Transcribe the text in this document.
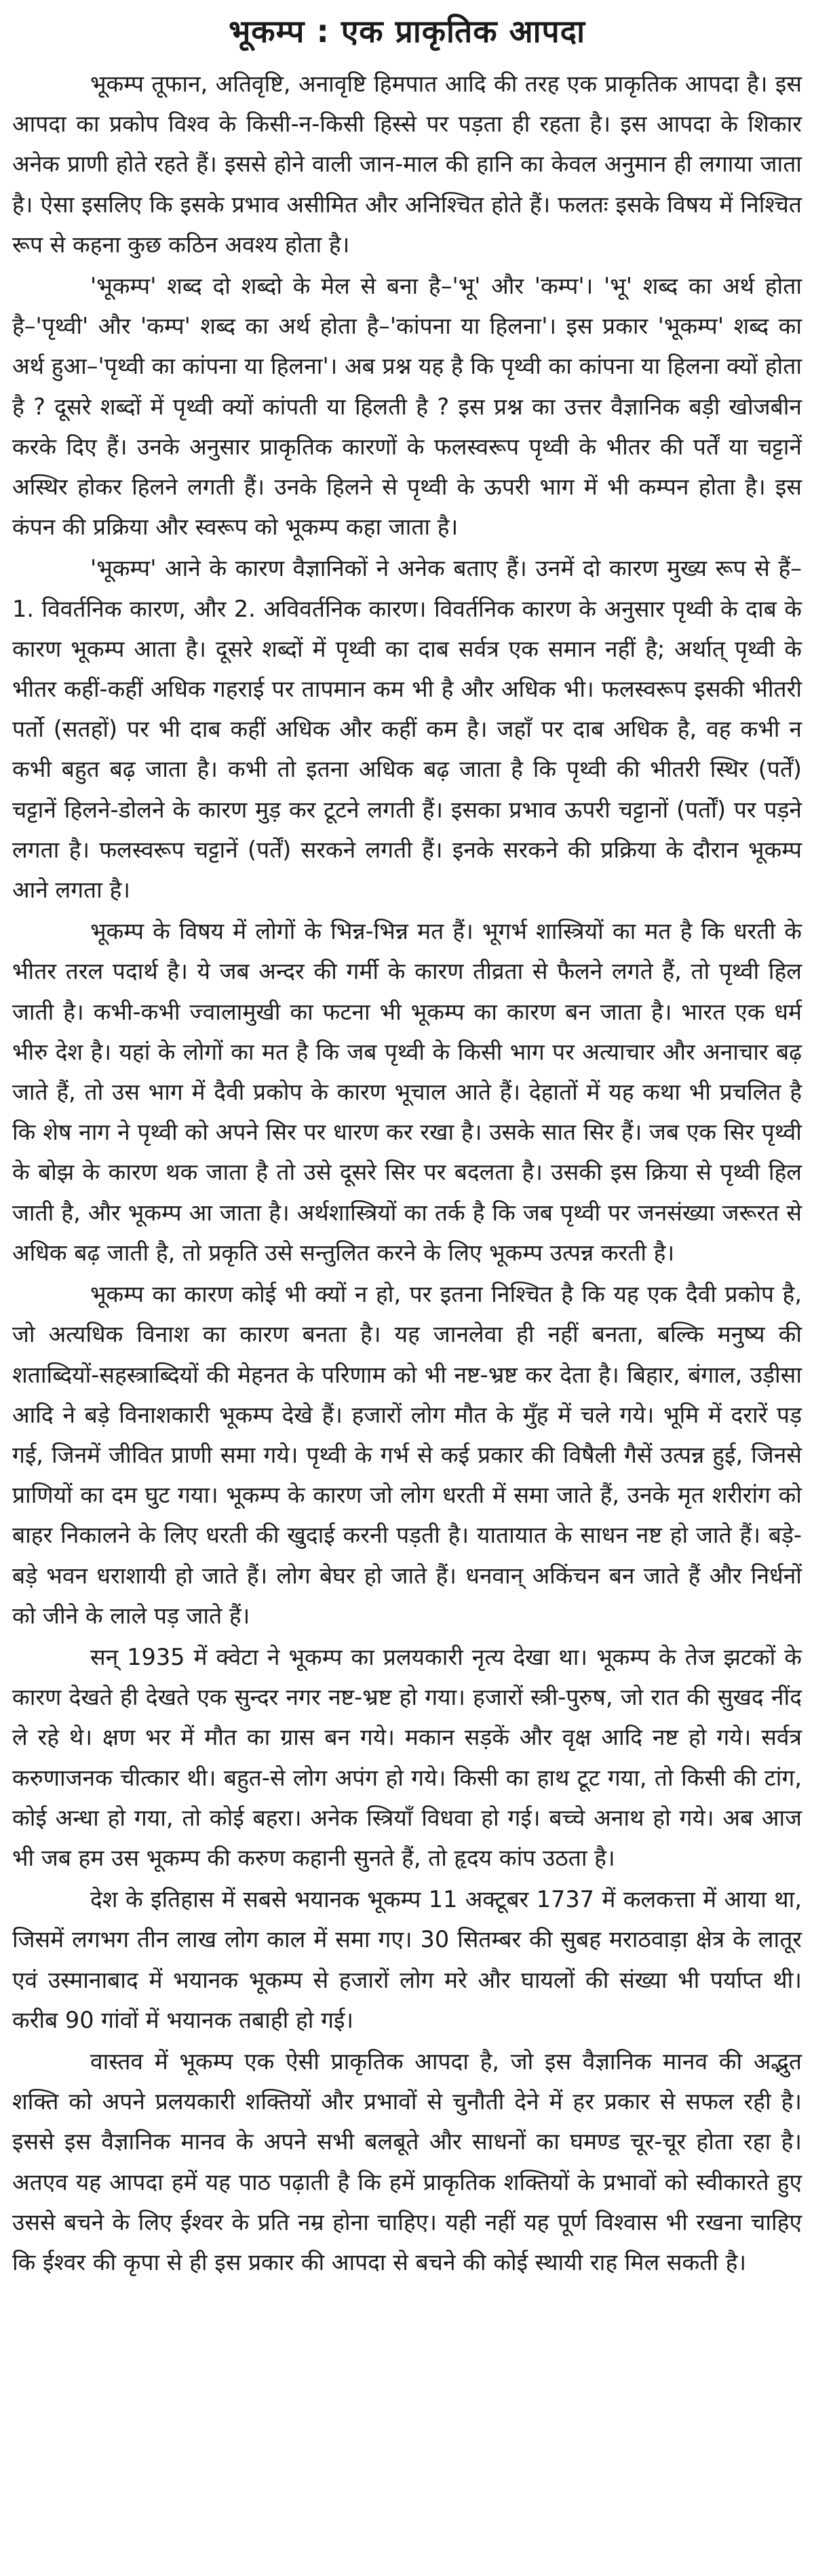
भूकम्प : एक प्राकृतिक आपदा

भूकम्प तूफान, अतिवृष्टि, अनावृष्टि हिमपात आदि की तरह एक प्राकृतिक आपदा है। इस आपदा का प्रकोप विश्व के किसी-न-किसी हिस्से पर पड़ता ही रहता है। इस आपदा के शिकार अनेक प्राणी होते रहते हैं। इससे होने वाली जान-माल की हानि का केवल अनुमान ही लगाया जाता है। ऐसा इसलिए कि इसके प्रभाव असीमित और अनिश्चित होते हैं। फलतः इसके विषय में निश्चित रूप से कहना कुछ कठिन अवश्य होता है।

'भूकम्प' शब्द दो शब्दो के मेल से बना है–'भू' और 'कम्प'। 'भू' शब्द का अर्थ होता है–'पृथ्वी' और 'कम्प' शब्द का अर्थ होता है–'कांपना या हिलना'। इस प्रकार 'भूकम्प' शब्द का अर्थ हुआ–'पृथ्वी का कांपना या हिलना'। अब प्रश्न यह है कि पृथ्वी का कांपना या हिलना क्यों होता है ? दूसरे शब्दों में पृथ्वी क्यों कांपती या हिलती है ? इस प्रश्न का उत्तर वैज्ञानिक बड़ी खोजबीन करके दिए हैं। उनके अनुसार प्राकृतिक कारणों के फलस्वरूप पृथ्वी के भीतर की पर्तें या चट्टानें अस्थिर होकर हिलने लगती हैं। उनके हिलने से पृथ्वी के ऊपरी भाग में भी कम्पन होता है। इस कंपन की प्रक्रिया और स्वरूप को भूकम्प कहा जाता है।

'भूकम्प' आने के कारण वैज्ञानिकों ने अनेक बताए हैं। उनमें दो कारण मुख्य रूप से हैं–1. विवर्तनिक कारण, और 2. अविवर्तनिक कारण। विवर्तनिक कारण के अनुसार पृथ्वी के दाब के कारण भूकम्प आता है। दूसरे शब्दों में पृथ्वी का दाब सर्वत्र एक समान नहीं है; अर्थात् पृथ्वी के भीतर कहीं-कहीं अधिक गहराई पर तापमान कम भी है और अधिक भी। फलस्वरूप इसकी भीतरी पर्तो (सतहों) पर भी दाब कहीं अधिक और कहीं कम है। जहाँ पर दाब अधिक है, वह कभी न कभी बहुत बढ़ जाता है। कभी तो इतना अधिक बढ़ जाता है कि पृथ्वी की भीतरी स्थिर (पर्तें) चट्टानें हिलने-डोलने के कारण मुड़ कर टूटने लगती हैं। इसका प्रभाव ऊपरी चट्टानों (पर्तों) पर पड़ने लगता है। फलस्वरूप चट्टानें (पर्तें) सरकने लगती हैं। इनके सरकने की प्रक्रिया के दौरान भूकम्प आने लगता है।

भूकम्प के विषय में लोगों के भिन्न-भिन्न मत हैं। भूगर्भ शास्त्रियों का मत है कि धरती के भीतर तरल पदार्थ है। ये जब अन्दर की गर्मी के कारण तीव्रता से फैलने लगते हैं, तो पृथ्वी हिल जाती है। कभी-कभी ज्वालामुखी का फटना भी भूकम्प का कारण बन जाता है। भारत एक धर्म भीरु देश है। यहां के लोगों का मत है कि जब पृथ्वी के किसी भाग पर अत्याचार और अनाचार बढ़ जाते हैं, तो उस भाग में दैवी प्रकोप के कारण भूचाल आते हैं। देहातों में यह कथा भी प्रचलित है कि शेष नाग ने पृथ्वी को अपने सिर पर धारण कर रखा है। उसके सात सिर हैं। जब एक सिर पृथ्वी के बोझ के कारण थक जाता है तो उसे दूसरे सिर पर बदलता है। उसकी इस क्रिया से पृथ्वी हिल जाती है, और भूकम्प आ जाता है। अर्थशास्त्रियों का तर्क है कि जब पृथ्वी पर जनसंख्या जरूरत से अधिक बढ़ जाती है, तो प्रकृति उसे सन्तुलित करने के लिए भूकम्प उत्पन्न करती है।

भूकम्प का कारण कोई भी क्यों न हो, पर इतना निश्चित है कि यह एक दैवी प्रकोप है, जो अत्यधिक विनाश का कारण बनता है। यह जानलेवा ही नहीं बनता, बल्कि मनुष्य की शताब्दियों-सहस्त्राब्दियों की मेहनत के परिणाम को भी नष्ट-भ्रष्ट कर देता है। बिहार, बंगाल, उड़ीसा आदि ने बड़े विनाशकारी भूकम्प देखे हैं। हजारों लोग मौत के मुँह में चले गये। भूमि में दरारें पड़ गई, जिनमें जीवित प्राणी समा गये। पृथ्वी के गर्भ से कई प्रकार की विषैली गैसें उत्पन्न हुई, जिनसे प्राणियों का दम घुट गया। भूकम्प के कारण जो लोग धरती में समा जाते हैं, उनके मृत शरीरांग को बाहर निकालने के लिए धरती की खुदाई करनी पड़ती है। यातायात के साधन नष्ट हो जाते हैं। बड़े-बड़े भवन धराशायी हो जाते हैं। लोग बेघर हो जाते हैं। धनवान् अकिंचन बन जाते हैं और निर्धनों को जीने के लाले पड़ जाते हैं।

सन् 1935 में क्वेटा ने भूकम्प का प्रलयकारी नृत्य देखा था। भूकम्प के तेज झटकों के कारण देखते ही देखते एक सुन्दर नगर नष्ट-भ्रष्ट हो गया। हजारों स्त्री-पुरुष, जो रात की सुखद नींद ले रहे थे। क्षण भर में मौत का ग्रास बन गये। मकान सड़कें और वृक्ष आदि नष्ट हो गये। सर्वत्र करुणाजनक चीत्कार थी। बहुत-से लोग अपंग हो गये। किसी का हाथ टूट गया, तो किसी की टांग, कोई अन्धा हो गया, तो कोई बहरा। अनेक स्त्रियाँ विधवा हो गई। बच्चे अनाथ हो गये। अब आज भी जब हम उस भूकम्प की करुण कहानी सुनते हैं, तो हृदय कांप उठता है।

देश के इतिहास में सबसे भयानक भूकम्प 11 अक्टूबर 1737 में कलकत्ता में आया था, जिसमें लगभग तीन लाख लोग काल में समा गए। 30 सितम्बर की सुबह मराठवाड़ा क्षेत्र के लातूर एवं उस्मानाबाद में भयानक भूकम्प से हजारों लोग मरे और घायलों की संख्या भी पर्याप्त थी। करीब 90 गांवों में भयानक तबाही हो गई।

वास्तव में भूकम्प एक ऐसी प्राकृतिक आपदा है, जो इस वैज्ञानिक मानव की अद्भुत शक्ति को अपने प्रलयकारी शक्तियों और प्रभावों से चुनौती देने में हर प्रकार से सफल रही है। इससे इस वैज्ञानिक मानव के अपने सभी बलबूते और साधनों का घमण्ड चूर-चूर होता रहा है। अतएव यह आपदा हमें यह पाठ पढ़ाती है कि हमें प्राकृतिक शक्तियों के प्रभावों को स्वीकारते हुए उससे बचने के लिए ईश्वर के प्रति नम्र होना चाहिए। यही नहीं यह पूर्ण विश्वास भी रखना चाहिए कि ईश्वर की कृपा से ही इस प्रकार की आपदा से बचने की कोई स्थायी राह मिल सकती है।
